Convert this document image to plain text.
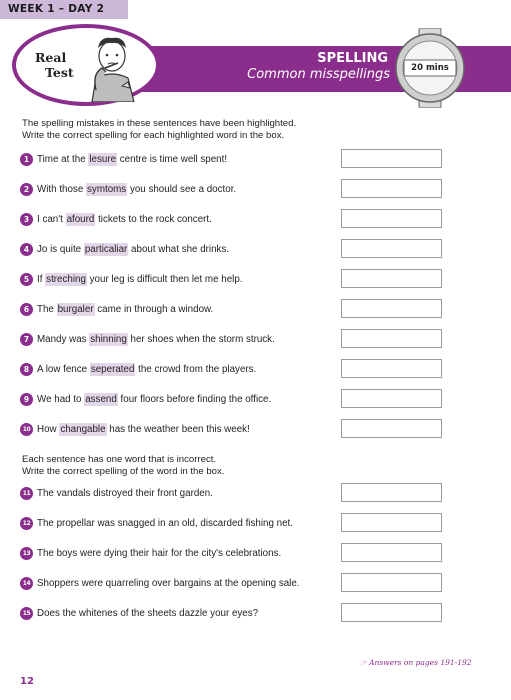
WEEK 1 – DAY 2
SPELLING
Common misspellings
Real
Test	20 mins
The spelling mistakes in these sentences have been highlighted.
Write the correct spelling for each highlighted word in the box.
1 Time at the lesure centre is time well spent!
2 With those symtoms you should see a doctor.
3 I can't afourd tickets to the rock concert.
4 Jo is quite particaliar about what she drinks.
5 If streching your leg is difficult then let me help.
6 The burgaler came in through a window.
7 Mandy was shinning her shoes when the storm struck.
8 A low fence seperated the crowd from the players.
9 We had to assend four floors before finding the office.
10 How changable has the weather been this week!
Each sentence has one word that is incorrect.
Write the correct spelling of the word in the box.
11 The vandals distroyed their front garden.
12 The propellar was snagged in an old, discarded fishing net.
13 The boys were dying their hair for the city's celebrations.
14 Shoppers were quarreling over bargains at the opening sale.
15 Does the whitenes of the sheets dazzle your eyes?
☞ Answers on pages 191-192
12
